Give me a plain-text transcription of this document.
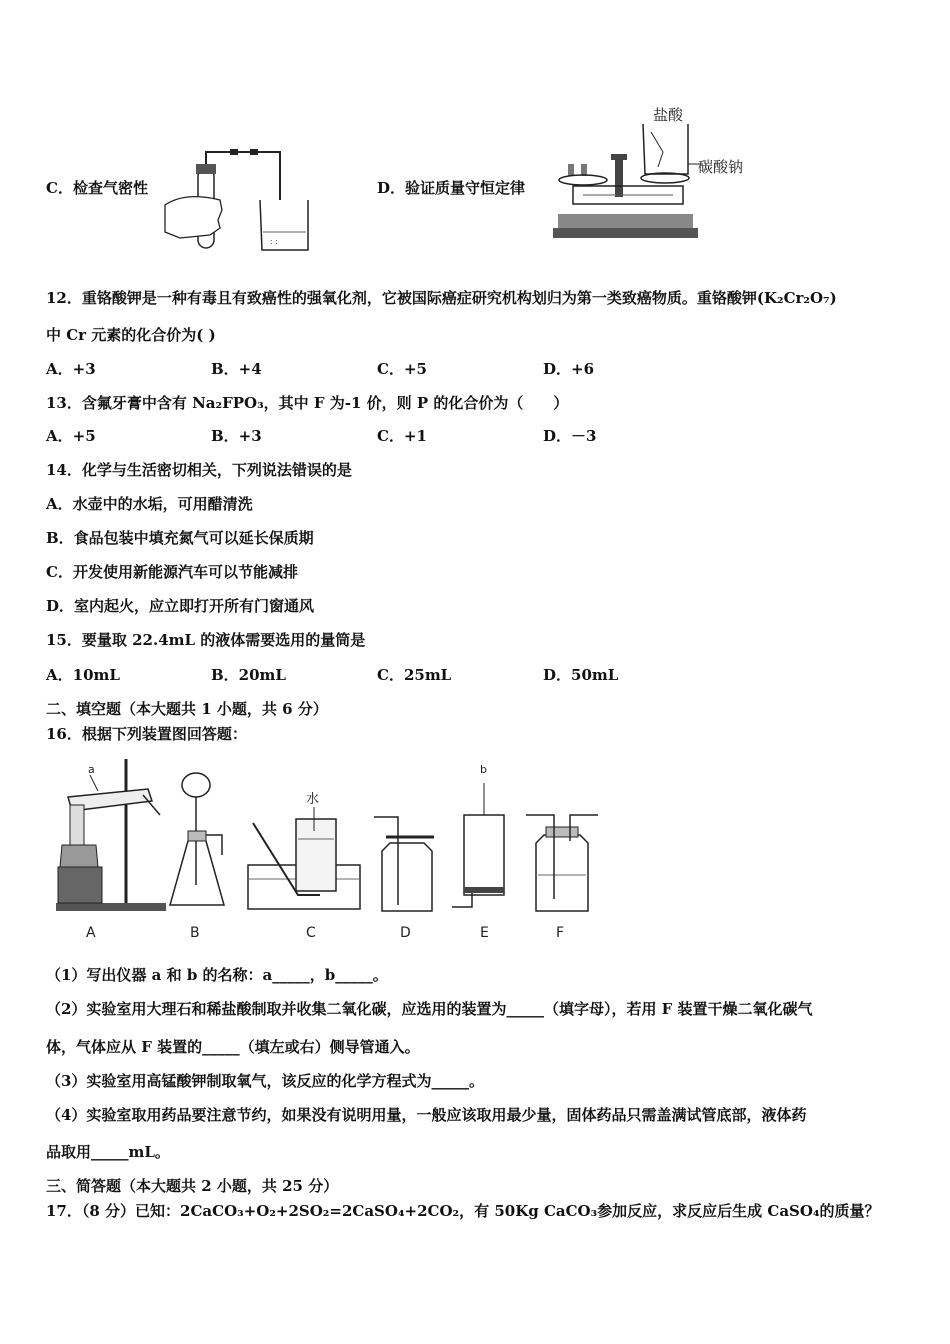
C．检查气密性
: :
D．验证质量守恒定律
盐酸
碳酸钠
12．重铬酸钾是一种有毒且有致癌性的强氧化剂，它被国际癌症研究机构划归为第一类致癌物质。重铬酸钾(K₂Cr₂O₇)
中 Cr 元素的化合价为( )
A．+3	B．+4	C．+5	D．+6
13．含氟牙膏中含有 Na₂FPO₃，其中 F 为-1 价，则 P 的化合价为（　　）
A．+5	B．+3	C．+1	D．－3
14．化学与生活密切相关，下列说法错误的是
A．水壶中的水垢，可用醋清洗
B．食品包装中填充氮气可以延长保质期
C．开发使用新能源汽车可以节能减排
D．室内起火，应立即打开所有门窗通风
15．要量取 22.4mL 的液体需要选用的量筒是
A．10mL	B．20mL	C．25mL	D．50mL
二、填空题（本大题共 1 小题，共 6 分）
16．根据下列装置图回答题：
a
水
b
A	B	C	D	E	F
（1）写出仪器 a 和 b 的名称：a_____，b_____。
（2）实验室用大理石和稀盐酸制取并收集二氧化碳，应选用的装置为_____（填字母），若用 F 装置干燥二氧化碳气
体，气体应从 F 装置的_____（填左或右）侧导管通入。
（3）实验室用高锰酸钾制取氧气，该反应的化学方程式为_____。
（4）实验室取用药品要注意节约，如果没有说明用量，一般应该取用最少量，固体药品只需盖满试管底部，液体药
品取用_____mL。
三、简答题（本大题共 2 小题，共 25 分）
17．（8 分）已知：2CaCO₃+O₂+2SO₂=2CaSO₄+2CO₂，有 50Kg CaCO₃参加反应，求反应后生成 CaSO₄的质量？
